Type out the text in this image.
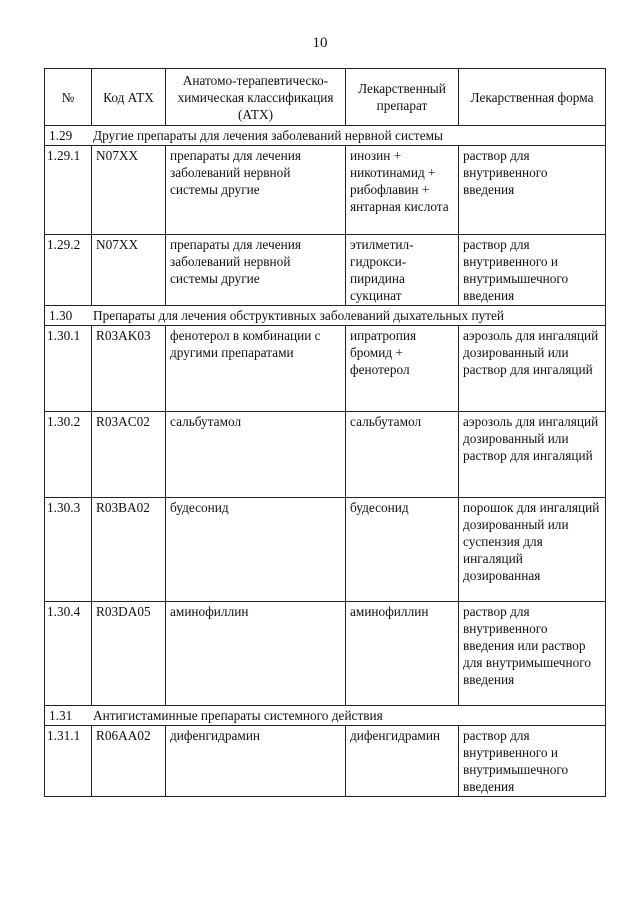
10
№	Код АТХ	Анатомо-терапевтическо-химическая классификация (АТХ)	Лекарственный препарат	Лекарственная форма
1.29 Другие препараты для лечения заболеваний нервной системы				
1.29.1	N07XX	препараты для лечения заболеваний нервной системы другие	инозин + никотинамид + рибофлавин + янтарная кислота	раствор для внутривенного введения
1.29.2	N07XX	препараты для лечения заболеваний нервной системы другие	этилметил-гидрокси-пиридина сукцинат	раствор для внутривенного и внутримышечного введения
1.30 Препараты для лечения обструктивных заболеваний дыхательных путей				
1.30.1	R03AK03	фенотерол в комбинации с другими препаратами	ипратропия бромид + фенотерол	аэрозоль для ингаляций дозированный или раствор для ингаляций
1.30.2	R03AC02	сальбутамол	сальбутамол	аэрозоль для ингаляций дозированный или раствор для ингаляций
1.30.3	R03BA02	будесонид	будесонид	порошок для ингаляций дозированный или суспензия для ингаляций дозированная
1.30.4	R03DA05	аминофиллин	аминофиллин	раствор для внутривенного введения или раствор для внутримышечного введения
1.31 Антигистаминные препараты системного действия				
1.31.1	R06AA02	дифенгидрамин	дифенгидрамин	раствор для внутривенного и внутримышечного введения
